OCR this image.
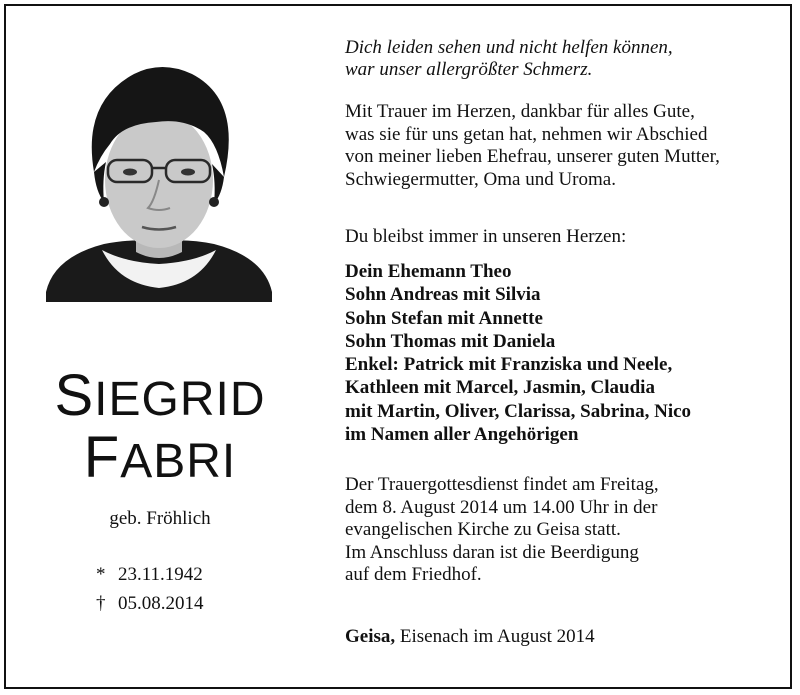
SIEGRID
FABRI
geb. Fröhlich
* 23.11.1942
† 05.08.2014
Dich leiden sehen und nicht helfen können,
war unser allergrößter Schmerz.
Mit Trauer im Herzen, dankbar für alles Gute,
was sie für uns getan hat, nehmen wir Abschied
von meiner lieben Ehefrau, unserer guten Mutter,
Schwiegermutter, Oma und Uroma.
Du bleibst immer in unseren Herzen:
Dein Ehemann Theo
Sohn Andreas mit Silvia
Sohn Stefan mit Annette
Sohn Thomas mit Daniela
Enkel: Patrick mit Franziska und Neele,
Kathleen mit Marcel, Jasmin, Claudia
mit Martin, Oliver, Clarissa, Sabrina, Nico
im Namen aller Angehörigen
Der Trauergottesdienst findet am Freitag,
dem 8. August 2014 um 14.00 Uhr in der
evangelischen Kirche zu Geisa statt.
Im Anschluss daran ist die Beerdigung
auf dem Friedhof.
Geisa, Eisenach im August 2014
